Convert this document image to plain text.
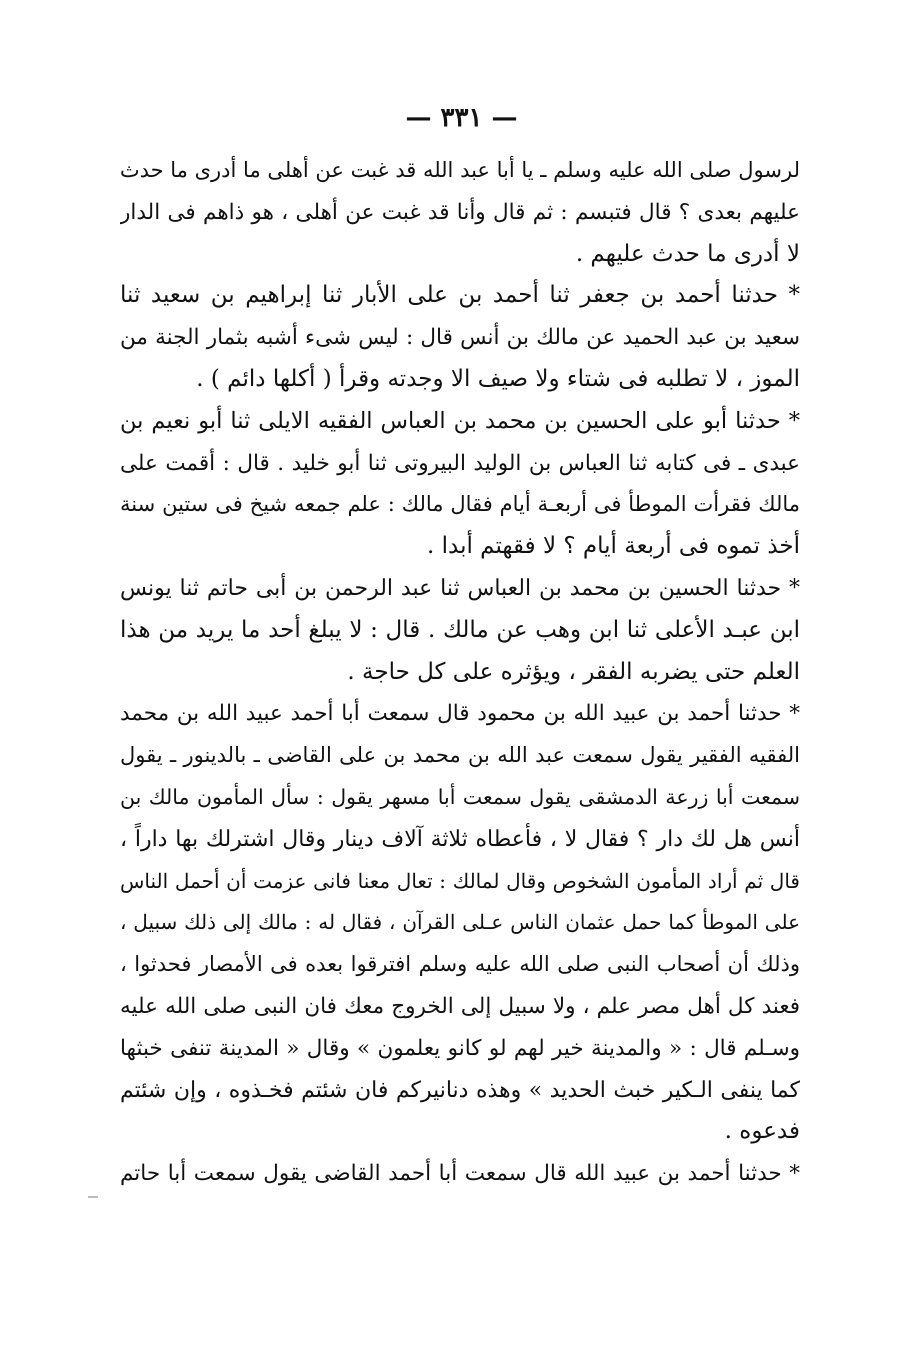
— ٣٣١ —
لرسول صلى الله عليه وسلم ـ يا أبا عبد الله قد غبت عن أهلى ما أدرى ما حدث
عليهم بعدى ؟ قال فتبسم : ثم قال وأنا قد غبت عن أهلى ، هو ذاهم فى الدار
لا أدرى ما حدث عليهم .
* حدثنا أحمد بن جعفر ثنا أحمد بن على الأبار ثنا إبراهيم بن سعيد ثنا
سعيد بن عبد الحميد عن مالك بن أنس قال : ليس شىء أشبه بثمار الجنة من
الموز ، لا تطلبه فى شتاء ولا صيف الا وجدته وقرأ ( أكلها دائم ) .
* حدثنا أبو على الحسين بن محمد بن العباس الفقيه الايلى ثنا أبو نعيم بن
عبدى ـ فى كتابه ثنا العباس بن الوليد البيروتى ثنا أبو خليد . قال : أقمت على
مالك فقرأت الموطأ فى أربعـة أيام فقال مالك : علم جمعه شيخ فى ستين سنة
أخذ تموه فى أربعة أيام ؟ لا فقهتم أبدا .
* حدثنا الحسين بن محمد بن العباس ثنا عبد الرحمن بن أبى حاتم ثنا يونس
ابن عبـد الأعلى ثنا ابن وهب عن مالك . قال : لا يبلغ أحد ما يريد من هذا
العلم حتى يضربه الفقر ، ويؤثره على كل حاجة .
* حدثنا أحمد بن عبيد الله بن محمود قال سمعت أبا أحمد عبيد الله بن محمد
الفقيه الفقير يقول سمعت عبد الله بن محمد بن على القاضى ـ بالدينور ـ يقول
سمعت أبا زرعة الدمشقى يقول سمعت أبا مسهر يقول : سأل المأمون مالك بن
أنس هل لك دار ؟ فقال لا ، فأعطاه ثلاثة آلاف دينار وقال اشترلك بها داراً ،
قال ثم أراد المأمون الشخوص وقال لمالك : تعال معنا فانى عزمت أن أحمل الناس
على الموطأ كما حمل عثمان الناس عـلى القرآن ، فقال له : مالك إلى ذلك سبيل ،
وذلك أن أصحاب النبى صلى الله عليه وسلم افترقوا بعده فى الأمصار فحدثوا ،
فعند كل أهل مصر علم ، ولا سبيل إلى الخروج معك فان النبى صلى الله عليه
وسـلم قال : « والمدينة خير لهم لو كانو يعلمون » وقال « المدينة تنفى خبثها
كما ينفى الـكير خبث الحديد » وهذه دنانيركم فان شئتم فخـذوه ، وإن شئتم
فدعوه .
* حدثنا أحمد بن عبيد الله قال سمعت أبا أحمد القاضى يقول سمعت أبا حاتم
